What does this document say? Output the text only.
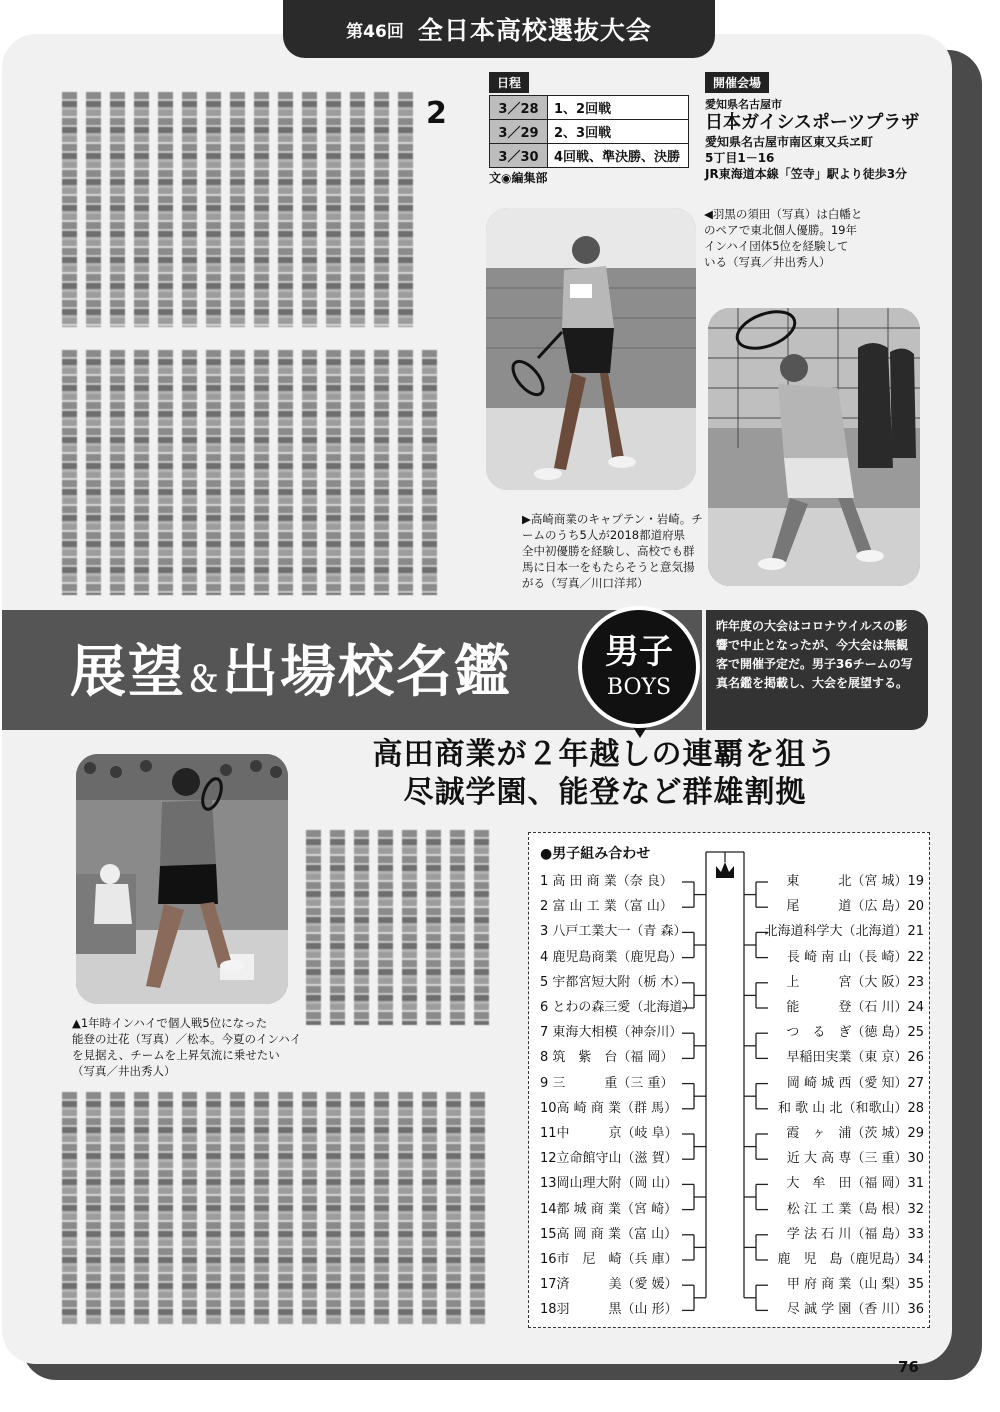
第46回 全日本高校選抜大会
2
日程
3／28	1、2回戦
3／29	2、3回戦
3／30	4回戦、準決勝、決勝
文◉編集部
開催会場
愛知県名古屋市
日本ガイシスポーツプラザ
愛知県名古屋市南区東又兵ヱ町
5丁目1－16
JR東海道本線「笠寺」駅より徒歩3分
▶高崎商業のキャプテン・岩崎。チ
ームのうち5人が2018都道府県
全中初優勝を経験し、高校でも群
馬に日本一をもたらそうと意気揚
がる（写真／川口洋邦）
◀羽黒の須田（写真）は白幡と
のペアで東北個人優勝。19年
インハイ団体5位を経験して
いる（写真／井出秀人）
展望＆出場校名鑑	男子
BOYS
昨年度の大会はコロナウイルスの影響で中止となったが、今大会は無観客で開催予定だ。男子36チームの写真名鑑を掲載し、大会を展望する。
高田商業が２年越しの連覇を狙う
尽誠学園、能登など群雄割拠
▲1年時インハイで個人戦5位になった
能登の辻花（写真）／松本。今夏のインハイ
を見据え、チームを上昇気流に乗せたい
（写真／井出秀人）
●男子組み合わせ
1 高 田 商 業（奈 良）
2 富 山 工 業（富 山）
3 八戸工業大一（青 森）
4 鹿児島商業（鹿児島）
5 宇都宮短大附（栃 木）
6 とわの森三愛（北海道）
7 東海大相模（神奈川）
8 筑　紫　台（福 岡）
9 三　　　重（三 重）
10高 崎 商 業（群 馬）
11中　　　京（岐 阜）
12立命館守山（滋 賀）
13岡山理大附（岡 山）
14都 城 商 業（宮 崎）
15高 岡 商 業（富 山）
16市　尼　崎（兵 庫）
17済　　　美（愛 媛）
18羽　　　黒（山 形）
東　　　北（宮 城）19
尾　　　道（広 島）20
北海道科学大（北海道）21
長 崎 南 山（長 崎）22
上　　　宮（大 阪）23
能　　　登（石 川）24
つ　る　ぎ（徳 島）25
早稲田実業（東 京）26
岡 崎 城 西（愛 知）27
和 歌 山 北（和歌山）28
霞　ヶ　浦（茨 城）29
近 大 高 専（三 重）30
大　牟　田（福 岡）31
松 江 工 業（島 根）32
学 法 石 川（福 島）33
鹿　児　島（鹿児島）34
甲 府 商 業（山 梨）35
尽 誠 学 園（香 川）36
76
